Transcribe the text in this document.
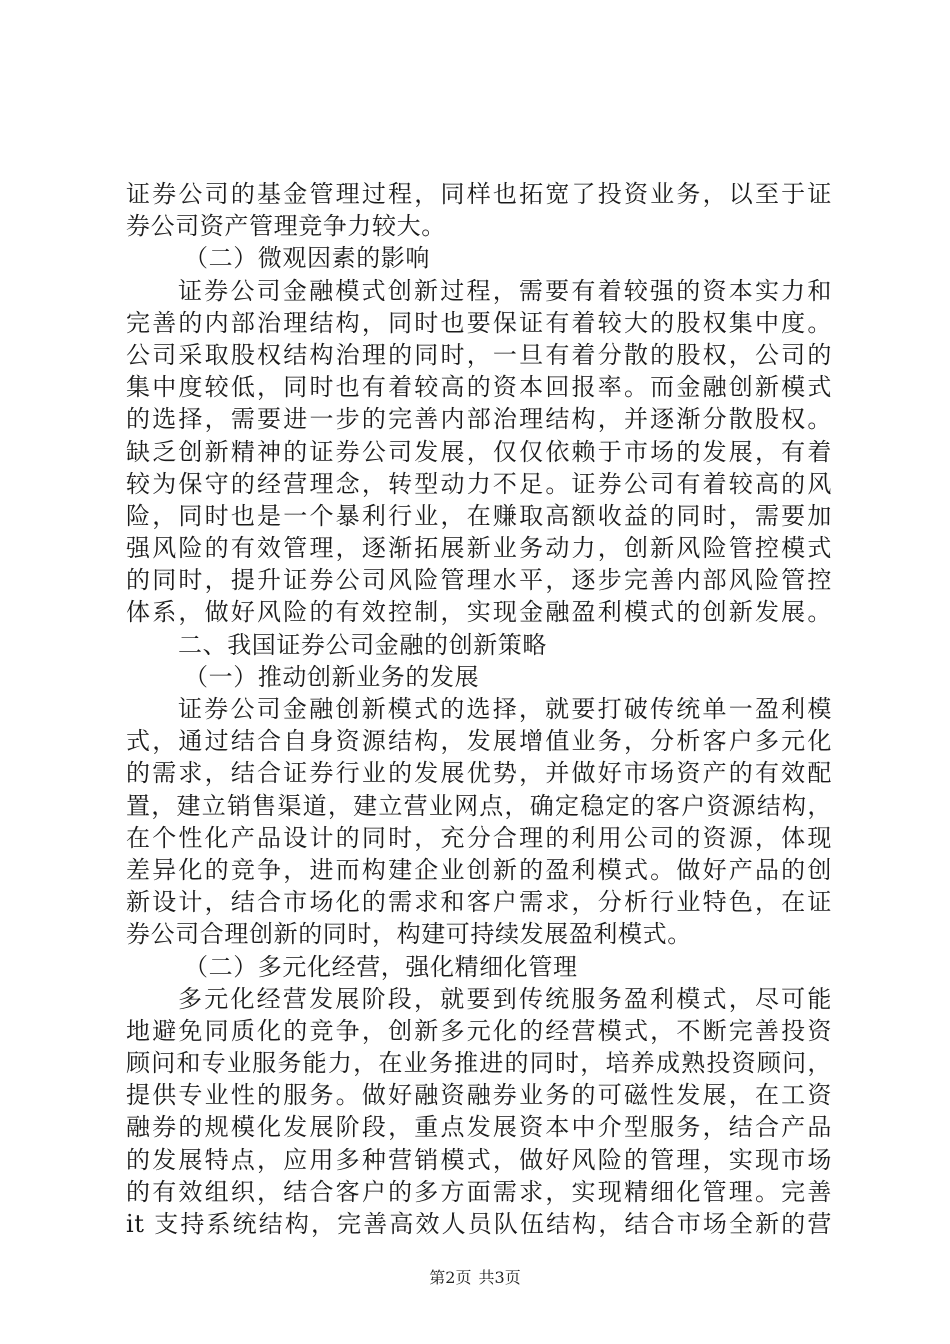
证券公司的基金管理过程，同样也拓宽了投资业务，以至于证
券公司资产管理竞争力较大。
（二）微观因素的影响
证券公司金融模式创新过程，需要有着较强的资本实力和
完善的内部治理结构，同时也要保证有着较大的股权集中度。
公司采取股权结构治理的同时，一旦有着分散的股权，公司的
集中度较低，同时也有着较高的资本回报率。而金融创新模式
的选择，需要进一步的完善内部治理结构，并逐渐分散股权。
缺乏创新精神的证券公司发展，仅仅依赖于市场的发展，有着
较为保守的经营理念，转型动力不足。证券公司有着较高的风
险，同时也是一个暴利行业，在赚取高额收益的同时，需要加
强风险的有效管理，逐渐拓展新业务动力，创新风险管控模式
的同时，提升证券公司风险管理水平，逐步完善内部风险管控
体系，做好风险的有效控制，实现金融盈利模式的创新发展。
二、我国证券公司金融的创新策略
（一）推动创新业务的发展
证券公司金融创新模式的选择，就要打破传统单一盈利模
式，通过结合自身资源结构，发展增值业务，分析客户多元化
的需求，结合证券行业的发展优势，并做好市场资产的有效配
置，建立销售渠道，建立营业网点，确定稳定的客户资源结构，
在个性化产品设计的同时，充分合理的利用公司的资源，体现
差异化的竞争，进而构建企业创新的盈利模式。做好产品的创
新设计，结合市场化的需求和客户需求，分析行业特色，在证
券公司合理创新的同时，构建可持续发展盈利模式。
（二）多元化经营，强化精细化管理
多元化经营发展阶段，就要到传统服务盈利模式，尽可能
地避免同质化的竞争，创新多元化的经营模式，不断完善投资
顾问和专业服务能力，在业务推进的同时，培养成熟投资顾问，
提供专业性的服务。做好融资融券业务的可磁性发展，在工资
融券的规模化发展阶段，重点发展资本中介型服务，结合产品
的发展特点，应用多种营销模式，做好风险的管理，实现市场
的有效组织，结合客户的多方面需求，实现精细化管理。完善
it 支持系统结构，完善高效人员队伍结构，结合市场全新的营
第2页 共3页
